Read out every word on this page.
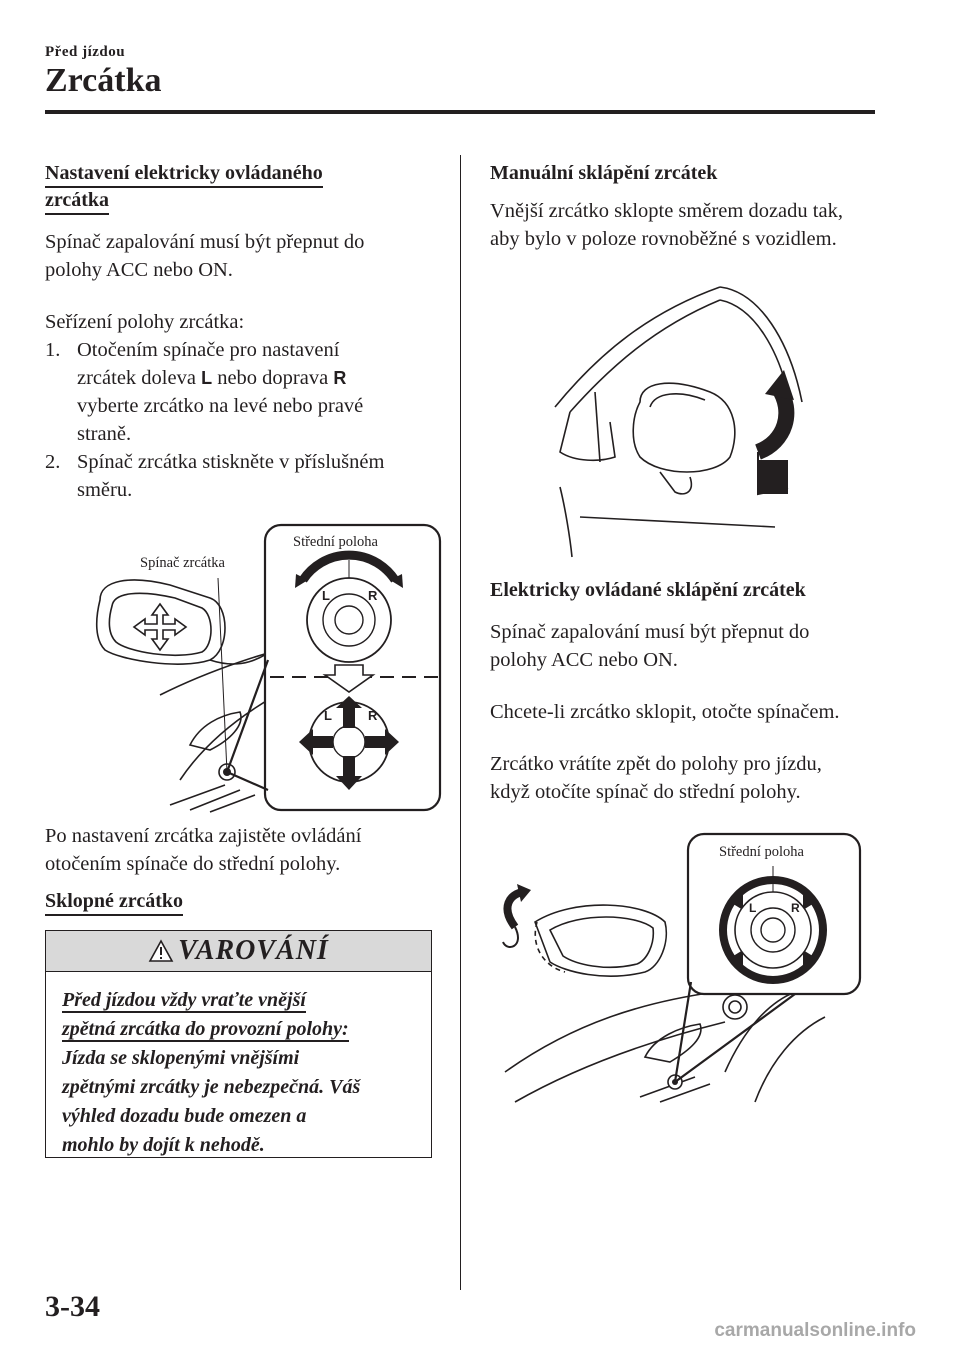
Před jízdou
Zrcátka
Nastavení elektricky ovládaného
zrcátka

Spínač zapalování musí být přepnut do
polohy ACC nebo ON.

Seřízení polohy zrcátka:

1. Otočením spínače pro nastavení
zrcátek doleva L nebo doprava R
vyberte zrcátko na levé nebo pravé
straně.
2. Spínač zrcátka stiskněte v příslušném
směru.
L	R
L	R
Spínač zrcátka
Střední poloha

Po nastavení zrcátka zajistěte ovládání
otočením spínače do střední polohy.

Sklopné zrcátko
VAROVÁNÍ
Před jízdou vždy vraťte vnější
zpětná zrcátka do provozní polohy:
Jízda se sklopenými vnějšími
zpětnými zrcátky je nebezpečná. Váš
výhled dozadu bude omezen a
mohlo by dojít k nehodě.
Manuální sklápění zrcátek

Vnější zrcátko sklopte směrem dozadu tak,
aby bylo v poloze rovnoběžné s vozidlem.

Elektricky ovládané sklápění zrcátek

Spínač zapalování musí být přepnut do
polohy ACC nebo ON.

Chcete-li zrcátko sklopit, otočte spínačem.

Zrcátko vrátíte zpět do polohy pro jízdu,
když otočíte spínač do střední polohy.

L	R
Střední poloha
3-34
carmanualsonline.info
